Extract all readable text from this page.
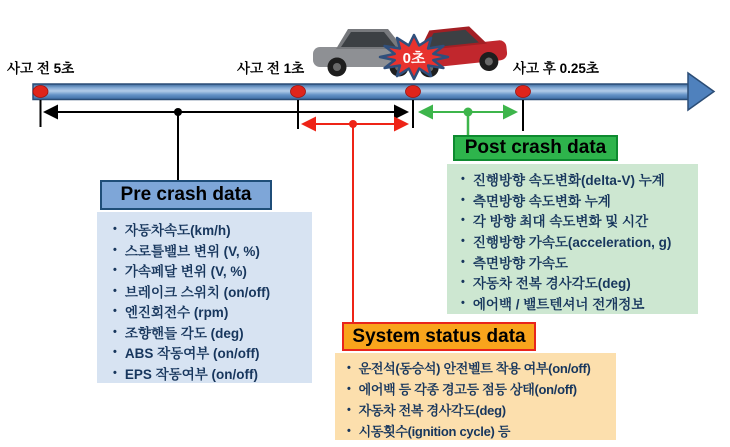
0초
사고 전 5초	사고 전 1초	사고 후 0.25초
Pre crash data
• 자동차속도(km/h)
• 스로틀밸브 변위 (V, %)
• 가속페달 변위 (V, %)
• 브레이크 스위치 (on/off)
• 엔진회전수 (rpm)
• 조향핸들 각도 (deg)
• ABS 작동여부 (on/off)
• EPS 작동여부 (on/off)
Post crash data
• 진행방향 속도변화(delta-V) 누계
• 측면방향 속도변화 누계
• 각 방향 최대 속도변화 및 시간
• 진행방향 가속도(acceleration, g)
• 측면방향 가속도
• 자동차 전복 경사각도(deg)
• 에어백 / 밸트텐셔너 전개정보
System status data
• 운전석(동승석) 안전벨트 착용 여부(on/off)
• 에어백 등 각종 경고등 점등 상태(on/off)
• 자동차 전복 경사각도(deg)
• 시동횟수(ignition cycle) 등
